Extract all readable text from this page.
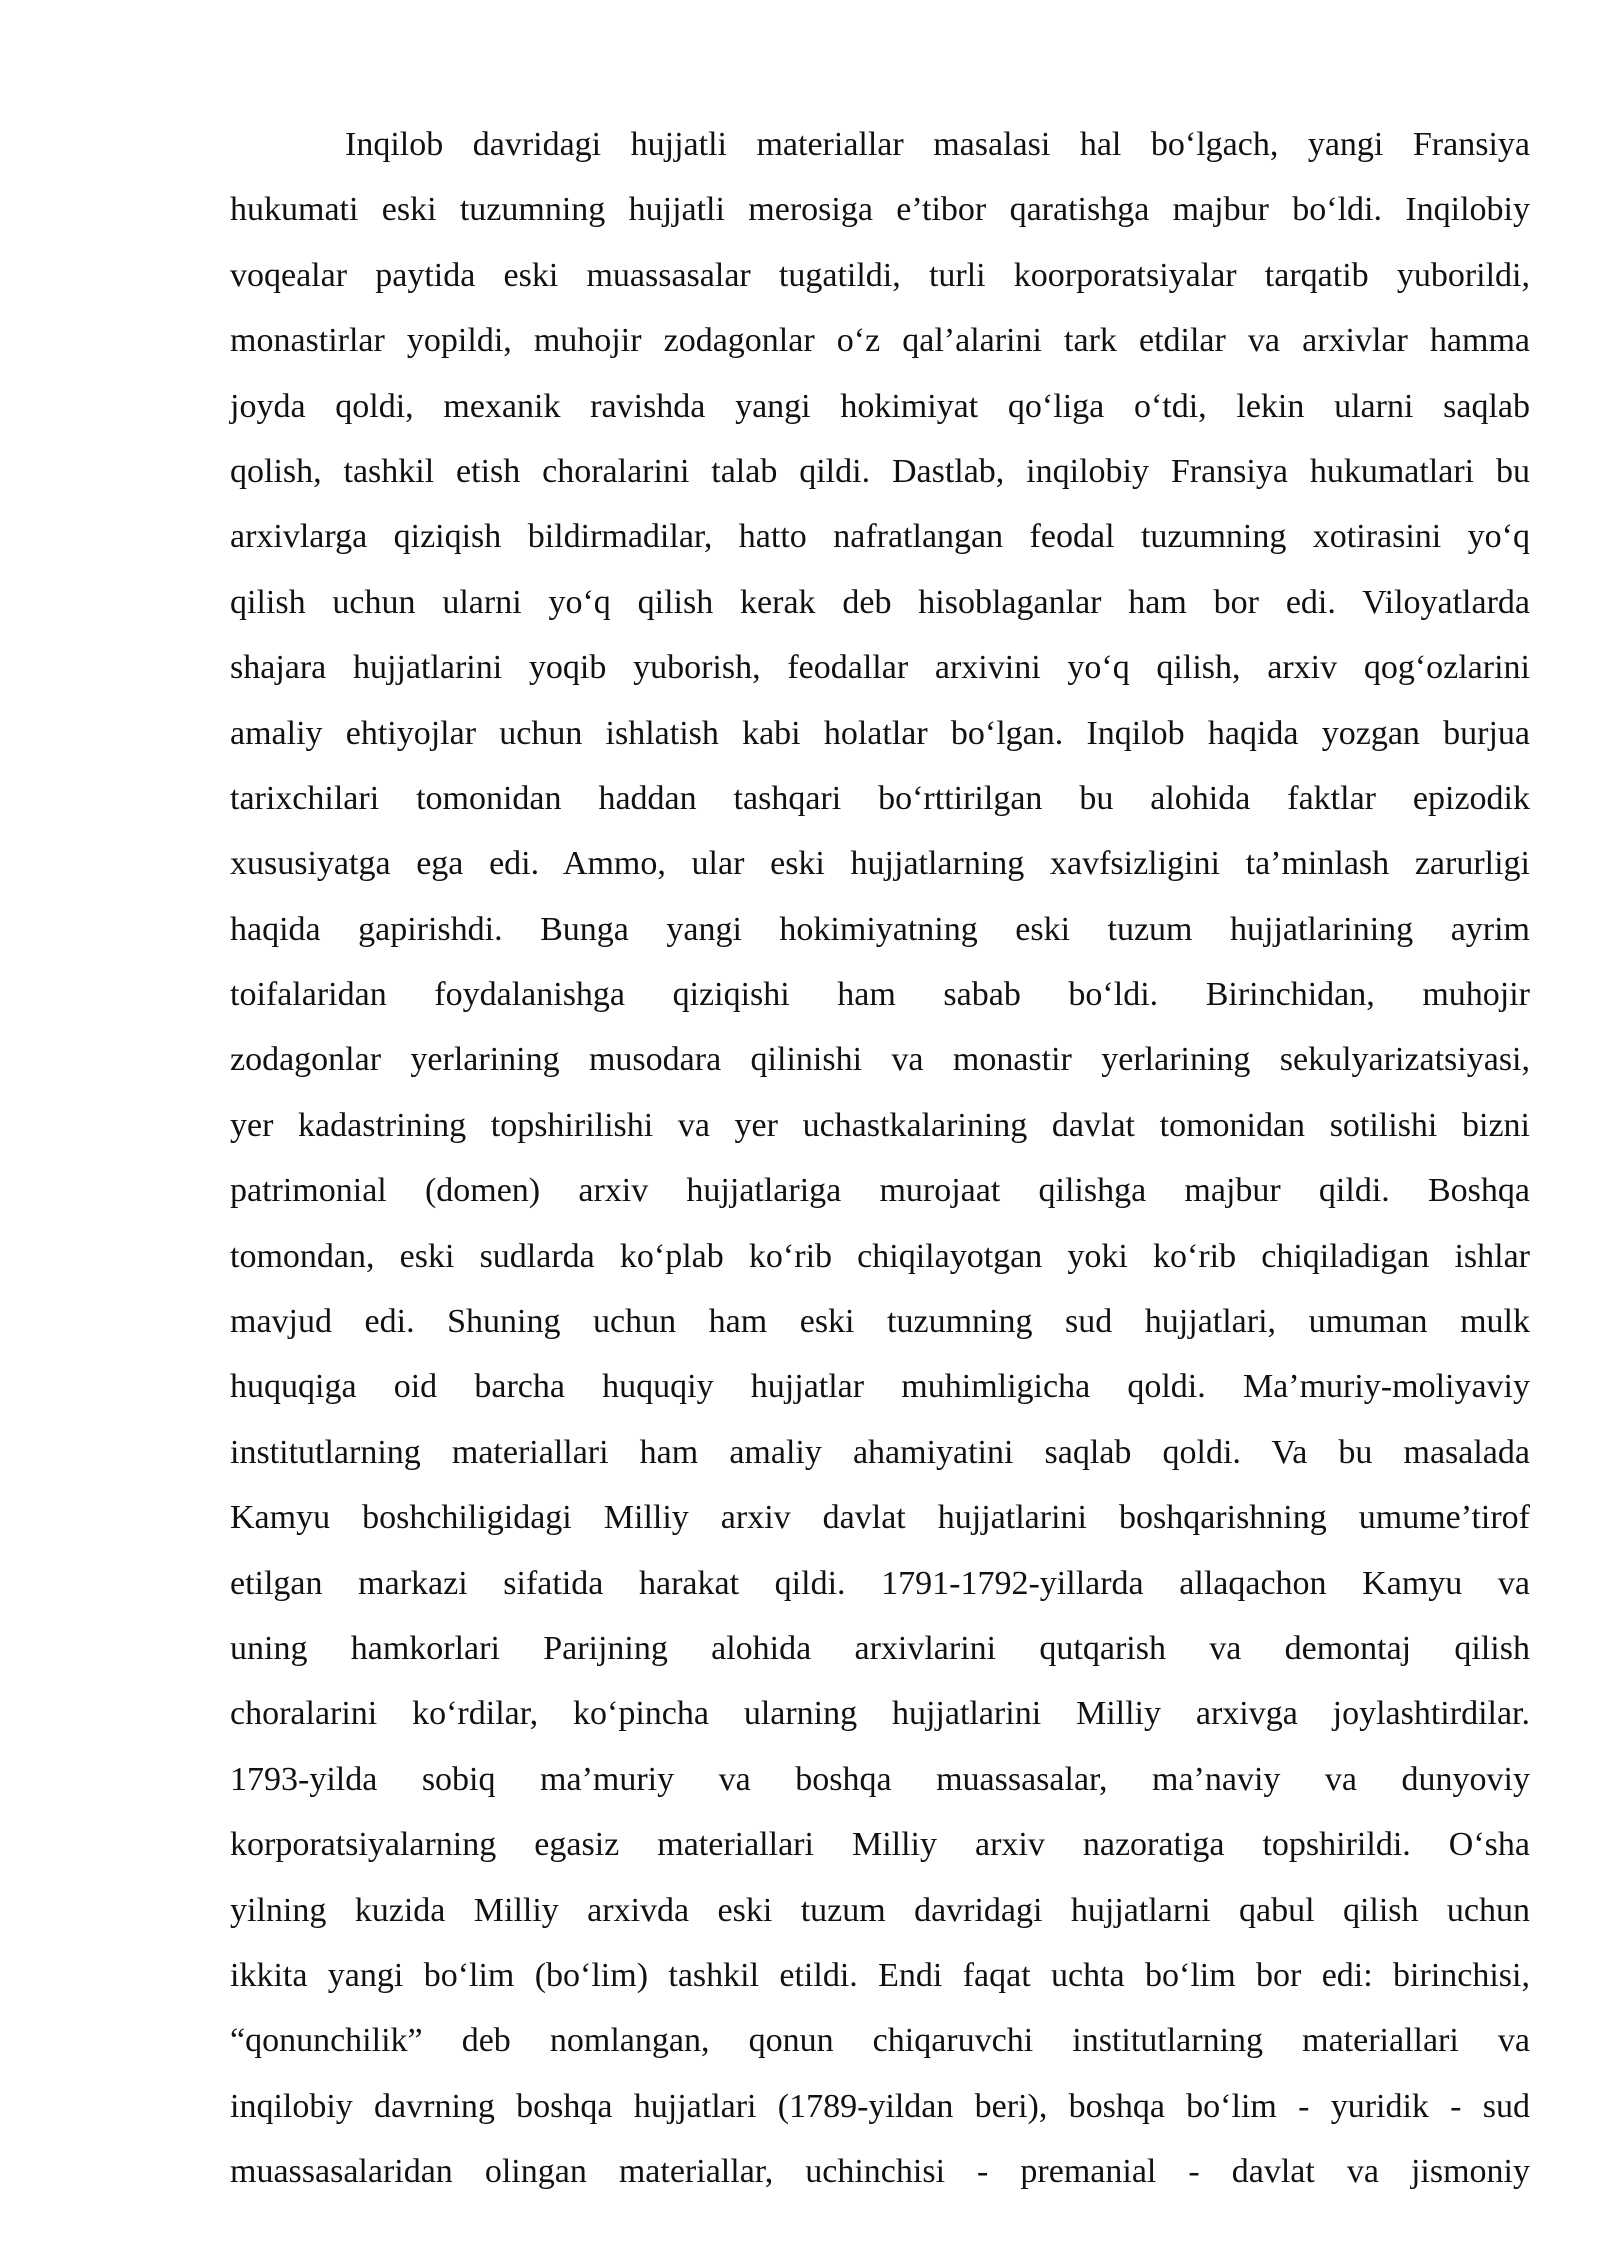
Inqilob davridagi hujjatli materiallar masalasi hal bo‘lgach, yangi Fransiya
hukumati eski tuzumning hujjatli merosiga e’tibor qaratishga majbur bo‘ldi. Inqilobiy
voqealar paytida eski muassasalar tugatildi, turli koorporatsiyalar tarqatib yuborildi,
monastirlar yopildi, muhojir zodagonlar o‘z qal’alarini tark etdilar va arxivlar hamma
joyda qoldi, mexanik ravishda yangi hokimiyat qo‘liga o‘tdi, lekin ularni saqlab
qolish, tashkil etish choralarini talab qildi. Dastlab, inqilobiy Fransiya hukumatlari bu
arxivlarga qiziqish bildirmadilar, hatto nafratlangan feodal tuzumning xotirasini yo‘q
qilish uchun ularni yo‘q qilish kerak deb hisoblaganlar ham bor edi. Viloyatlarda
shajara hujjatlarini yoqib yuborish, feodallar arxivini yo‘q qilish, arxiv qog‘ozlarini
amaliy ehtiyojlar uchun ishlatish kabi holatlar bo‘lgan. Inqilob haqida yozgan burjua
tarixchilari tomonidan haddan tashqari bo‘rttirilgan bu alohida faktlar epizodik
xususiyatga ega edi. Ammo, ular eski hujjatlarning xavfsizligini ta’minlash zarurligi
haqida gapirishdi. Bunga yangi hokimiyatning eski tuzum hujjatlarining ayrim
toifalaridan foydalanishga qiziqishi ham sabab bo‘ldi. Birinchidan, muhojir
zodagonlar yerlarining musodara qilinishi va monastir yerlarining sekulyarizatsiyasi,
yer kadastrining topshirilishi va yer uchastkalarining davlat tomonidan sotilishi bizni
patrimonial (domen) arxiv hujjatlariga murojaat qilishga majbur qildi. Boshqa
tomondan, eski sudlarda ko‘plab ko‘rib chiqilayotgan yoki ko‘rib chiqiladigan ishlar
mavjud edi. Shuning uchun ham eski tuzumning sud hujjatlari, umuman mulk
huquqiga oid barcha huquqiy hujjatlar muhimligicha qoldi. Ma’muriy-moliyaviy
institutlarning materiallari ham amaliy ahamiyatini saqlab qoldi. Va bu masalada
Kamyu boshchiligidagi Milliy arxiv davlat hujjatlarini boshqarishning umume’tirof
etilgan markazi sifatida harakat qildi. 1791-1792-yillarda allaqachon Kamyu va
uning hamkorlari Parijning alohida arxivlarini qutqarish va demontaj qilish
choralarini ko‘rdilar, ko‘pincha ularning hujjatlarini Milliy arxivga joylashtirdilar.
1793-yilda sobiq ma’muriy va boshqa muassasalar, ma’naviy va dunyoviy
korporatsiyalarning egasiz materiallari Milliy arxiv nazoratiga topshirildi. O‘sha
yilning kuzida Milliy arxivda eski tuzum davridagi hujjatlarni qabul qilish uchun
ikkita yangi bo‘lim (bo‘lim) tashkil etildi. Endi faqat uchta bo‘lim bor edi: birinchisi,
“qonunchilik” deb nomlangan, qonun chiqaruvchi institutlarning materiallari va
inqilobiy davrning boshqa hujjatlari (1789-yildan beri), boshqa bo‘lim - yuridik - sud
muassasalaridan olingan materiallar, uchinchisi - premanial - davlat va jismoniy
